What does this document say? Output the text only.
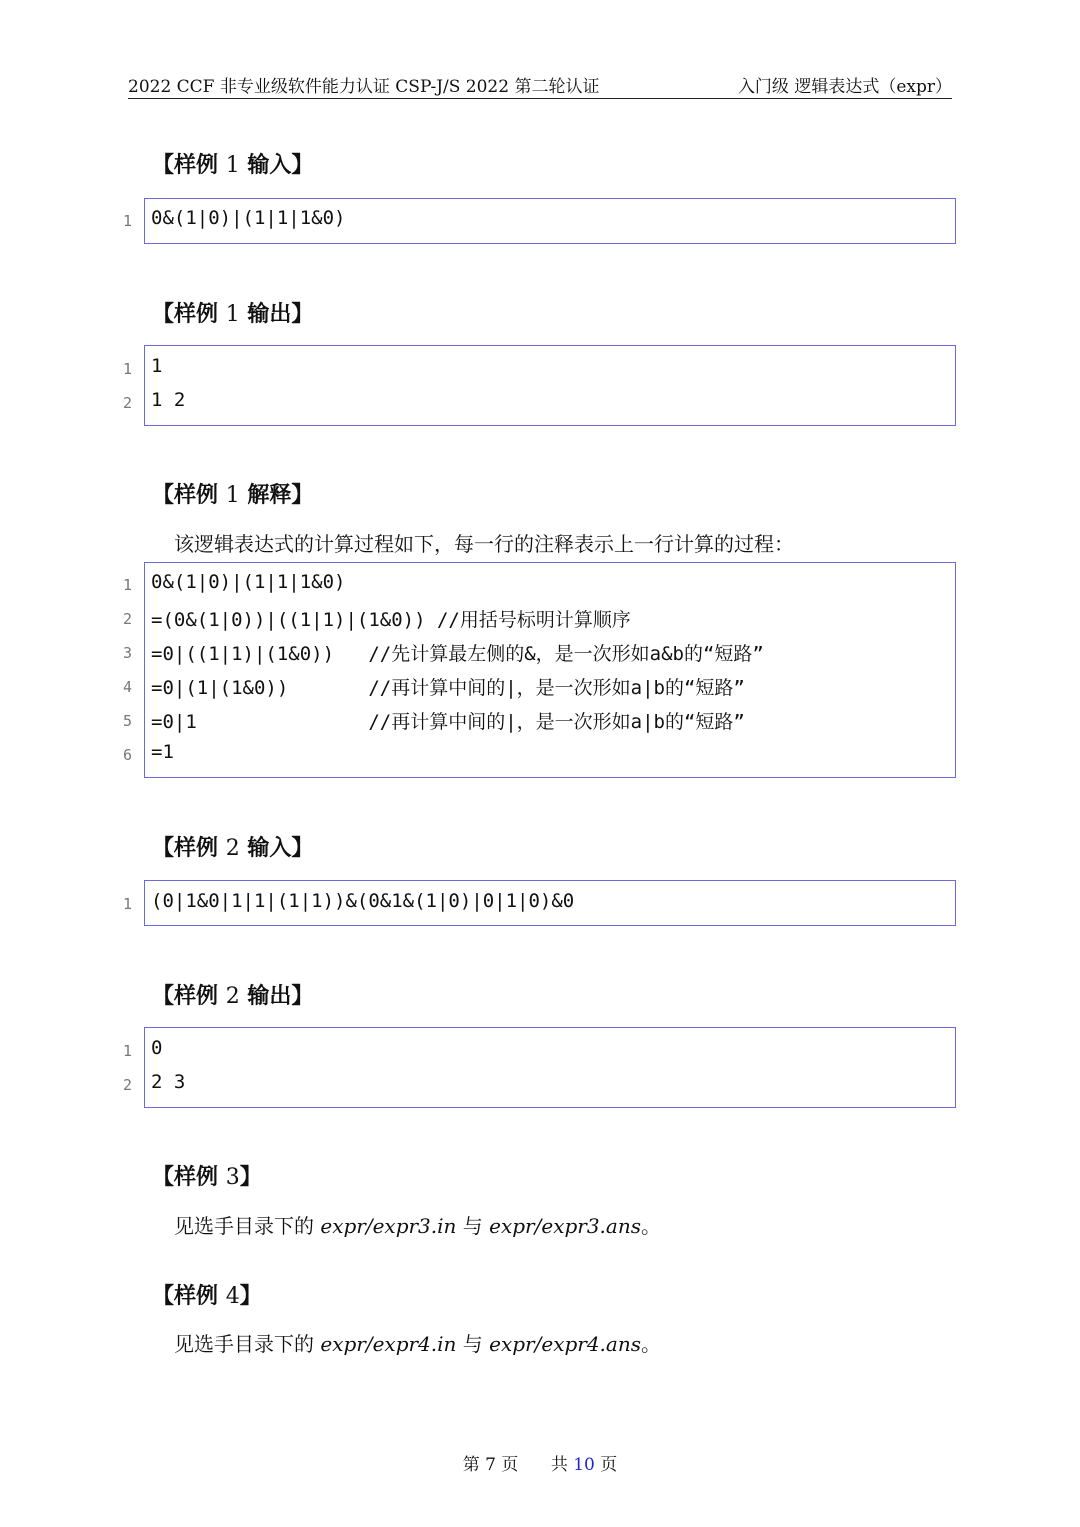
2022 CCF 非专业级软件能力认证 CSP-J/S 2022 第二轮认证	入门级 逻辑表达式（expr）
【样例 1 输入】
1 0&(1|0)|(1|1|1&0)
【样例 1 输出】
1 1
2 1 2
【样例 1 解释】
该逻辑表达式的计算过程如下，每一行的注释表示上一行计算的过程：
1 0&(1|0)|(1|1|1&0)
2 =(0&(1|0))|((1|1)|(1&0)) //用括号标明计算顺序
3 =0|((1|1)|(1&0))   //先计算最左侧的&，是一次形如a&b的“短路”
4 =0|(1|(1&0))       //再计算中间的|，是一次形如a|b的“短路”
5 =0|1               //再计算中间的|，是一次形如a|b的“短路”
6 =1
【样例 2 输入】
1 (0|1&0|1|1|(1|1))&(0&1&(1|0)|0|1|0)&0
【样例 2 输出】
1 0
2 2 3
【样例 3】
见选手目录下的 expr/expr3.in 与 expr/expr3.ans。
【样例 4】
见选手目录下的 expr/expr4.in 与 expr/expr4.ans。
第 7 页 共 10 页
